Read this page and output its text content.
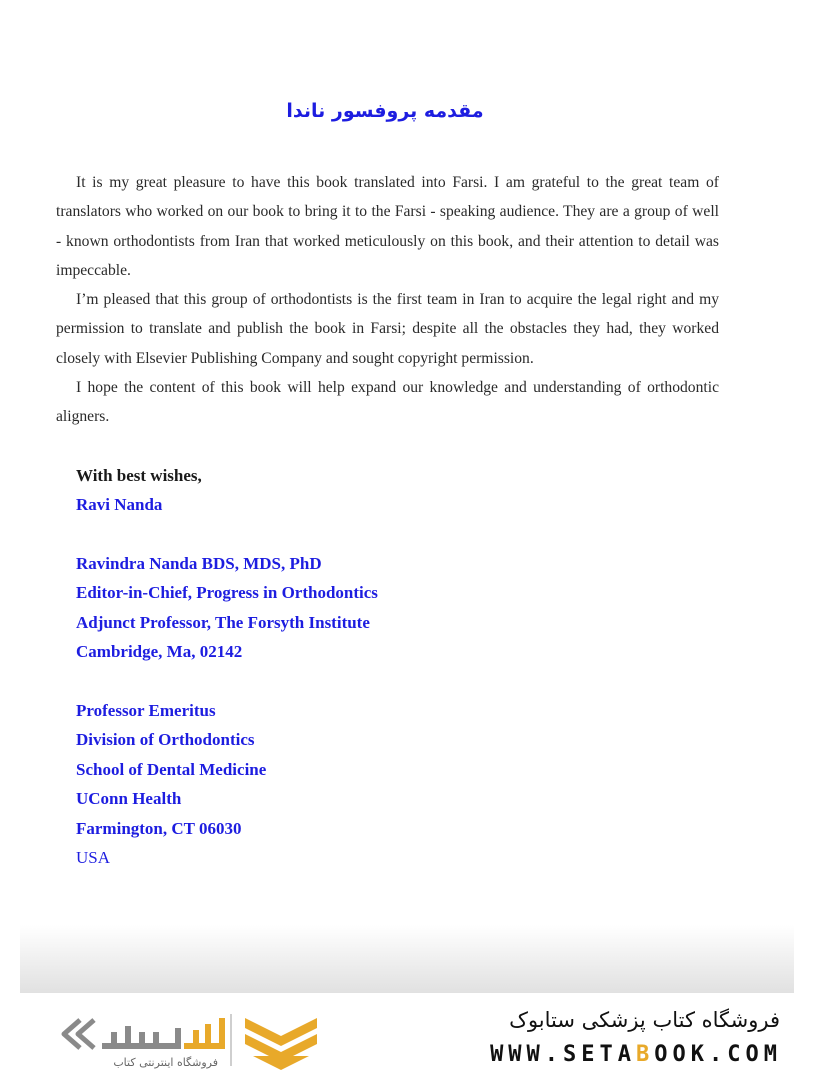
مقدمه پروفسور ناندا

It is my great pleasure to have this book translated into Farsi. I am grateful to the great team of translators who worked on our book to bring it to the Farsi - speaking audience. They are a group of well - known orthodontists from Iran that worked meticulously on this book, and their attention to detail was impeccable.

I’m pleased that this group of orthodontists is the first team in Iran to acquire the legal right and my permission to translate and publish the book in Farsi; despite all the obstacles they had, they worked closely with Elsevier Publishing Company and sought copyright permission.

I hope the content of this book will help expand our knowledge and understanding of orthodontic aligners.

With best wishes,
Ravi Nanda
Ravindra Nanda BDS, MDS, PhD
Editor-in-Chief, Progress in Orthodontics
Adjunct Professor, The Forsyth Institute
Cambridge, Ma, 02142
Professor Emeritus
Division of Orthodontics
School of Dental Medicine
UConn Health
Farmington, CT 06030
USA
فروشگاه کتاب پزشکی ستابوک
WWW.SETABOOK.COM
فروشگاه اینترنتی کتاب
